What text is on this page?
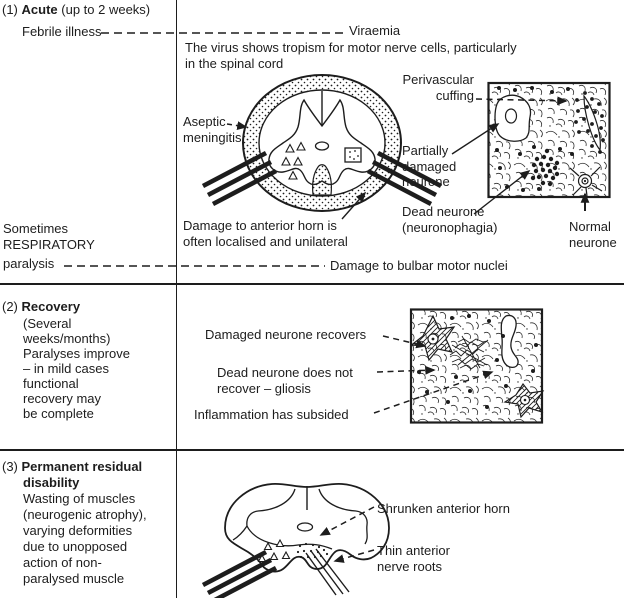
(1) Acute (up to 2 weeks)
Febrile illness	Viraemia
The virus shows tropism for motor nerve cells, particularly
in the spinal cord
Aseptic
meningitis
Perivascular
cuffing
Partially
damaged
neurone
Dead neurone
(neuronophagia)	Normal
neurone
Damage to anterior horn is
often localised and unilateral
Sometimes
RESPIRATORY
paralysis	Damage to bulbar motor nuclei
(2) Recovery
(Several
weeks/months)
Paralyses improve
– in mild cases
functional
recovery may
be complete
Damaged neurone recovers
Dead neurone does not
recover – gliosis
Inflammation has subsided
(3) Permanent residual
disability
Wasting of muscles
(neurogenic atrophy),
varying deformities
due to unopposed
action of non-
paralysed muscle
Shrunken anterior horn
Thin anterior
nerve roots
